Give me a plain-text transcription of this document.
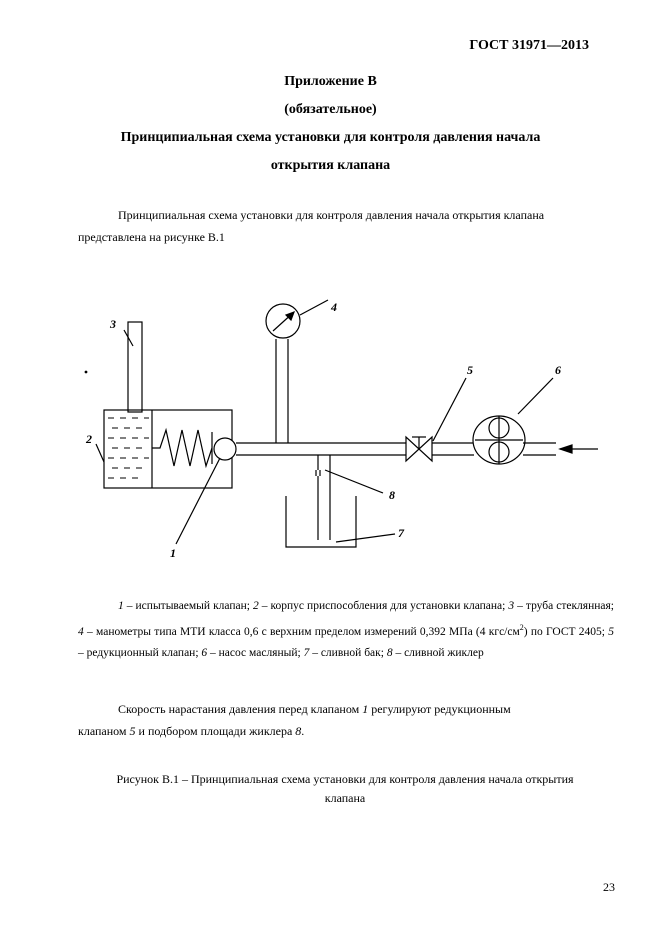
ГОСТ 31971—2013
Приложение В
(обязательное)
Принципиальная схема установки для контроля давления начала
открытия клапана
Принципиальная схема установки для контроля давления начала открытия клапана
представлена на рисунке В.1
3
2
1
4
5	6
8
7
1 – испытываемый клапан; 2 – корпус приспособления для установки клапана; 3 – труба стеклянная; 4 – манометры типа МТИ класса 0,6 с верхним пределом измерений 0,392 МПа (4 кгс/$см^2$) по ГОСТ 2405; 5 – редукционный клапан; 6 – насос масляный; 7 – сливной бак; 8 – сливной жиклер
Скорость нарастания давления перед клапаном 1 регулируют редукционным
клапаном 5 и подбором площади жиклера 8.
Рисунок В.1 – Принципиальная схема установки для контроля давления начала открытия
клапана
23
